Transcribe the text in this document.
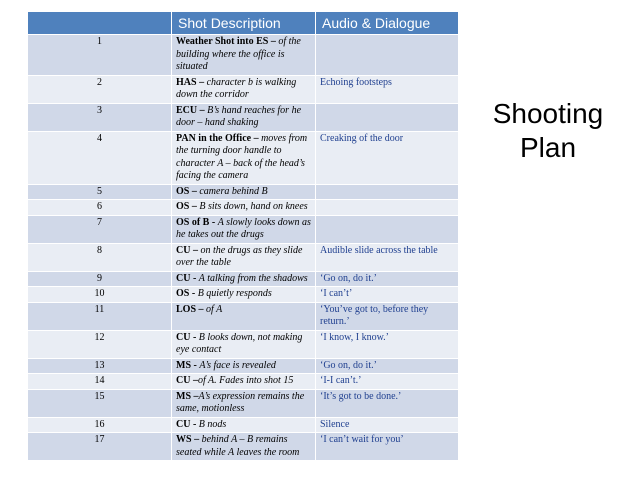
	Shot Description	Audio & Dialogue
1	Weather Shot into ES – of the building where the office is situated	
2	HAS – character b is walking down the corridor	Echoing footsteps
3	ECU – B’s hand reaches for he door – hand shaking	
4	PAN in the Office – moves from the turning door handle to character A – back of the head’s facing the camera	Creaking of the door
5	OS – camera behind B	
6	OS – B sits down, hand on knees	
7	OS of B - A slowly looks down as he takes out the drugs	
8	CU – on the drugs as they slide over the table	Audible slide across the table
9	CU - A talking from the shadows	‘Go on, do it.’
10	OS - B quietly responds	‘I can’t’
11	LOS – of A	‘You’ve got to, before they return.’
12	CU - B looks down, not making eye contact	‘I know, I know.’
13	MS - A’s face is revealed	‘Go on, do it.’
14	CU –of A. Fades into shot 15	‘I-I can’t.’
15	MS –A’s expression remains the same, motionless	‘It’s got to be done.’
16	CU - B nods	Silence
17	WS – behind A – B remains seated while A leaves the room	‘I can’t wait for you’
Shooting
Plan
